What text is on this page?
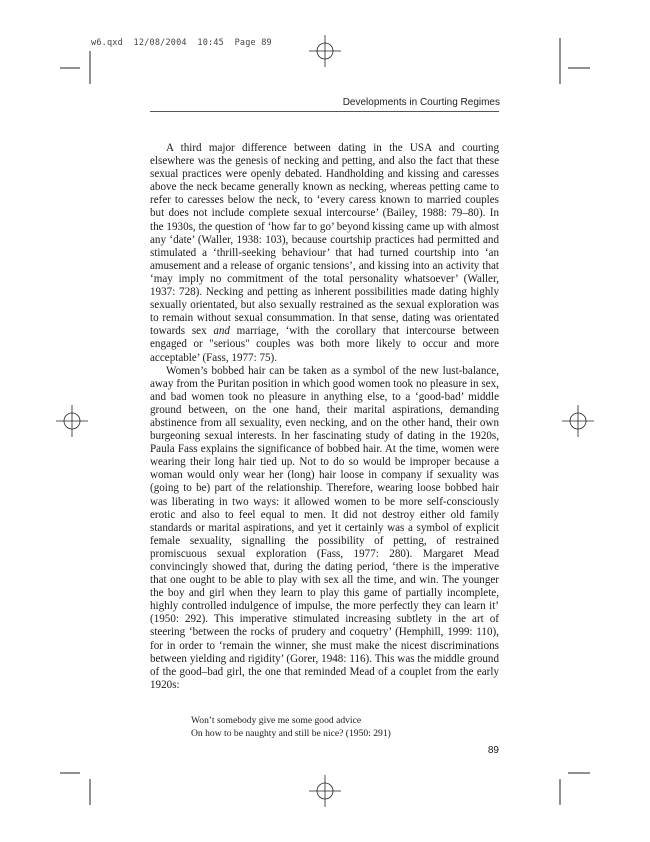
w6.qxd 12/08/2004 10:45 Page 89
Developments in Courting Regimes

A third major difference between dating in the USA and courting elsewhere was the genesis of necking and petting, and also the fact that these sexual practices were openly debated. Handholding and kissing and caresses above the neck became generally known as necking, whereas petting came to refer to caresses below the neck, to ‘every caress known to married couples but does not include complete sexual intercourse’ (Bailey, 1988: 79–80). In the 1930s, the question of ‘how far to go’ beyond kissing came up with almost any ‘date’ (Waller, 1938: 103), because courtship practices had permitted and stimulated a ‘thrill-seeking behaviour’ that had turned courtship into ‘an amusement and a release of organic tensions’, and kissing into an activity that ‘may imply no commitment of the total personality whatsoever’ (Waller, 1937: 728). Necking and petting as inherent possibilities made dating highly sexually orientated, but also sexually restrained as the sexual exploration was to remain without sexual consummation. In that sense, dating was orientated towards sex and marriage, ‘with the corollary that intercourse between engaged or "serious" couples was both more likely to occur and more acceptable’ (Fass, 1977: 75).

Women’s bobbed hair can be taken as a symbol of the new lust-balance, away from the Puritan position in which good women took no pleasure in sex, and bad women took no pleasure in anything else, to a ‘good-bad’ middle ground between, on the one hand, their marital aspirations, demanding abstinence from all sexuality, even necking, and on the other hand, their own burgeoning sexual interests. In her fascinating study of dating in the 1920s, Paula Fass explains the significance of bobbed hair. At the time, women were wearing their long hair tied up. Not to do so would be improper because a woman would only wear her (long) hair loose in company if sexuality was (going to be) part of the relationship. Therefore, wearing loose bobbed hair was liberating in two ways: it allowed women to be more self-consciously erotic and also to feel equal to men. It did not destroy either old family standards or marital aspirations, and yet it certainly was a symbol of explicit female sexuality, signalling the possibility of petting, of restrained promiscuous sexual exploration (Fass, 1977: 280). Margaret Mead convincingly showed that, during the dating period, ‘there is the imperative that one ought to be able to play with sex all the time, and win. The younger the boy and girl when they learn to play this game of partially incomplete, highly controlled indulgence of impulse, the more perfectly they can learn it’ (1950: 292). This imperative stimulated increasing subtlety in the art of steering ‘between the rocks of prudery and coquetry’ (Hemphill, 1999: 110), for in order to ‘remain the winner, she must make the nicest discriminations between yielding and rigidity’ (Gorer, 1948: 116). This was the middle ground of the good–bad girl, the one that reminded Mead of a couplet from the early 1920s:

Won’t somebody give me some good advice
On how to be naughty and still be nice? (1950: 291)
89
